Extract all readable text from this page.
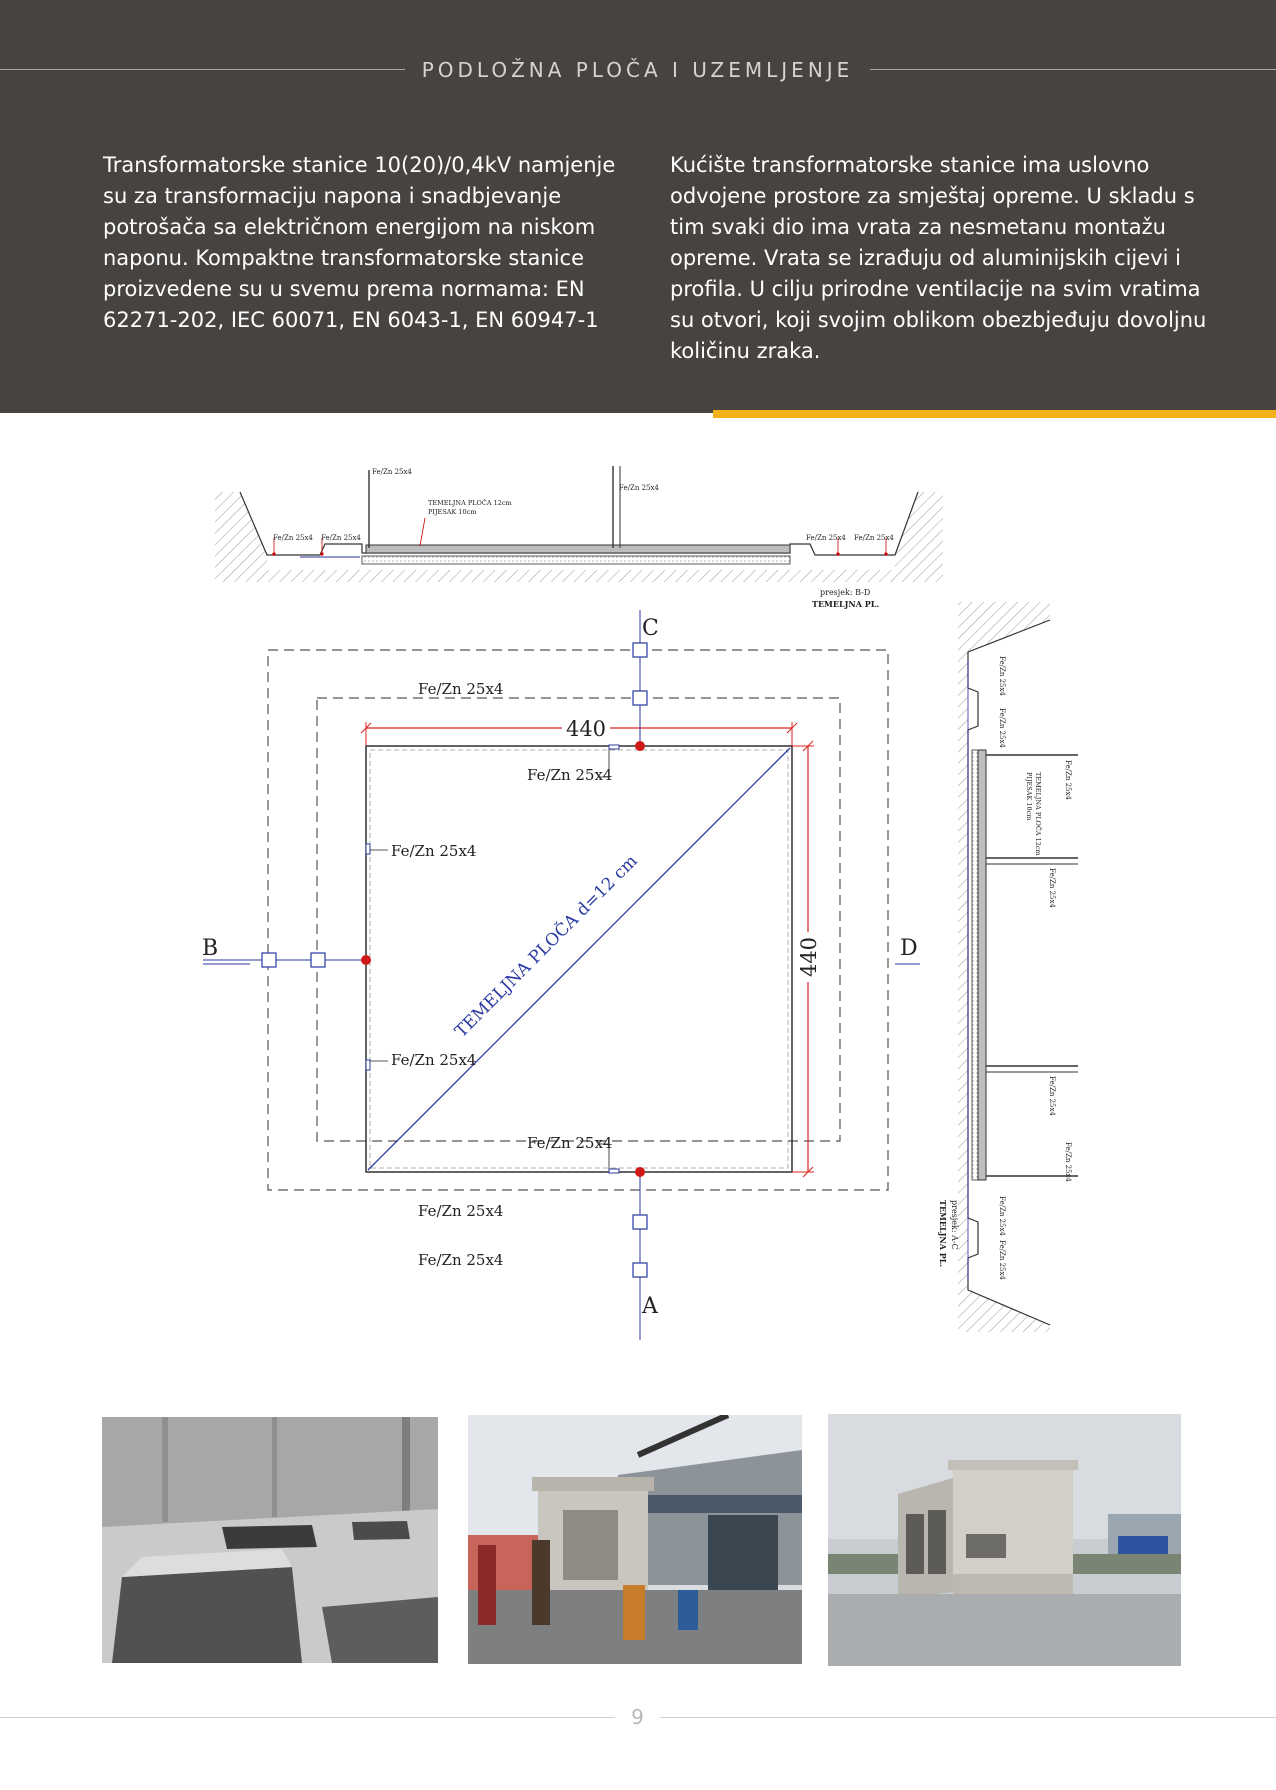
PODLOŽNA PLOČA I UZEMLJENJE
Transformatorske stanice 10(20)/0,4kV namjenje
su za transformaciju napona i snadbjevanje
potrošača sa električnom energijom na niskom
naponu. Kompaktne transformatorske stanice
proizvedene su u svemu prema normama: EN
62271-202, IEC 60071, EN 6043-1, EN 60947-1
Kućište transformatorske stanice ima uslovno
odvojene prostore za smještaj opreme. U skladu s
tim svaki dio ima vrata za nesmetanu montažu
opreme. Vrata se izrađuju od aluminijskih cijevi i
profila. U cilju prirodne ventilacije na svim vratima
su otvori, koji svojim oblikom obezbjeđuju dovoljnu
količinu zraka.
Fe/Zn 25x4 Fe/Zn 25x4	Fe/Zn 25x4 Fe/Zn 25x4
Fe/Zn 25x4
Fe/Zn 25x4
TEMELJNA PLOČA 12cm
PIJESAK 10cm
presjek: B-D
TEMELJNA PL.
TEMELJNA PLOČA d=12 cm
440
440
C
A
B	D
Fe/Zn 25x4
Fe/Zn 25x4
Fe/Zn 25x4
Fe/Zn 25x4
Fe/Zn 25x4
Fe/Zn 25x4
Fe/Zn 25x4
Fe/Zn 25x4
Fe/Zn 25x4
Fe/Zn 25x4
Fe/Zn 25x4
Fe/Zn 25x4
Fe/Zn 25x4
Fe/Zn 25x4
Fe/Zn 25x4
TEMELJNA PLOČA 12cm
PIJESAK 10cm
presjek: A-C
TEMELJNA PL.
9
